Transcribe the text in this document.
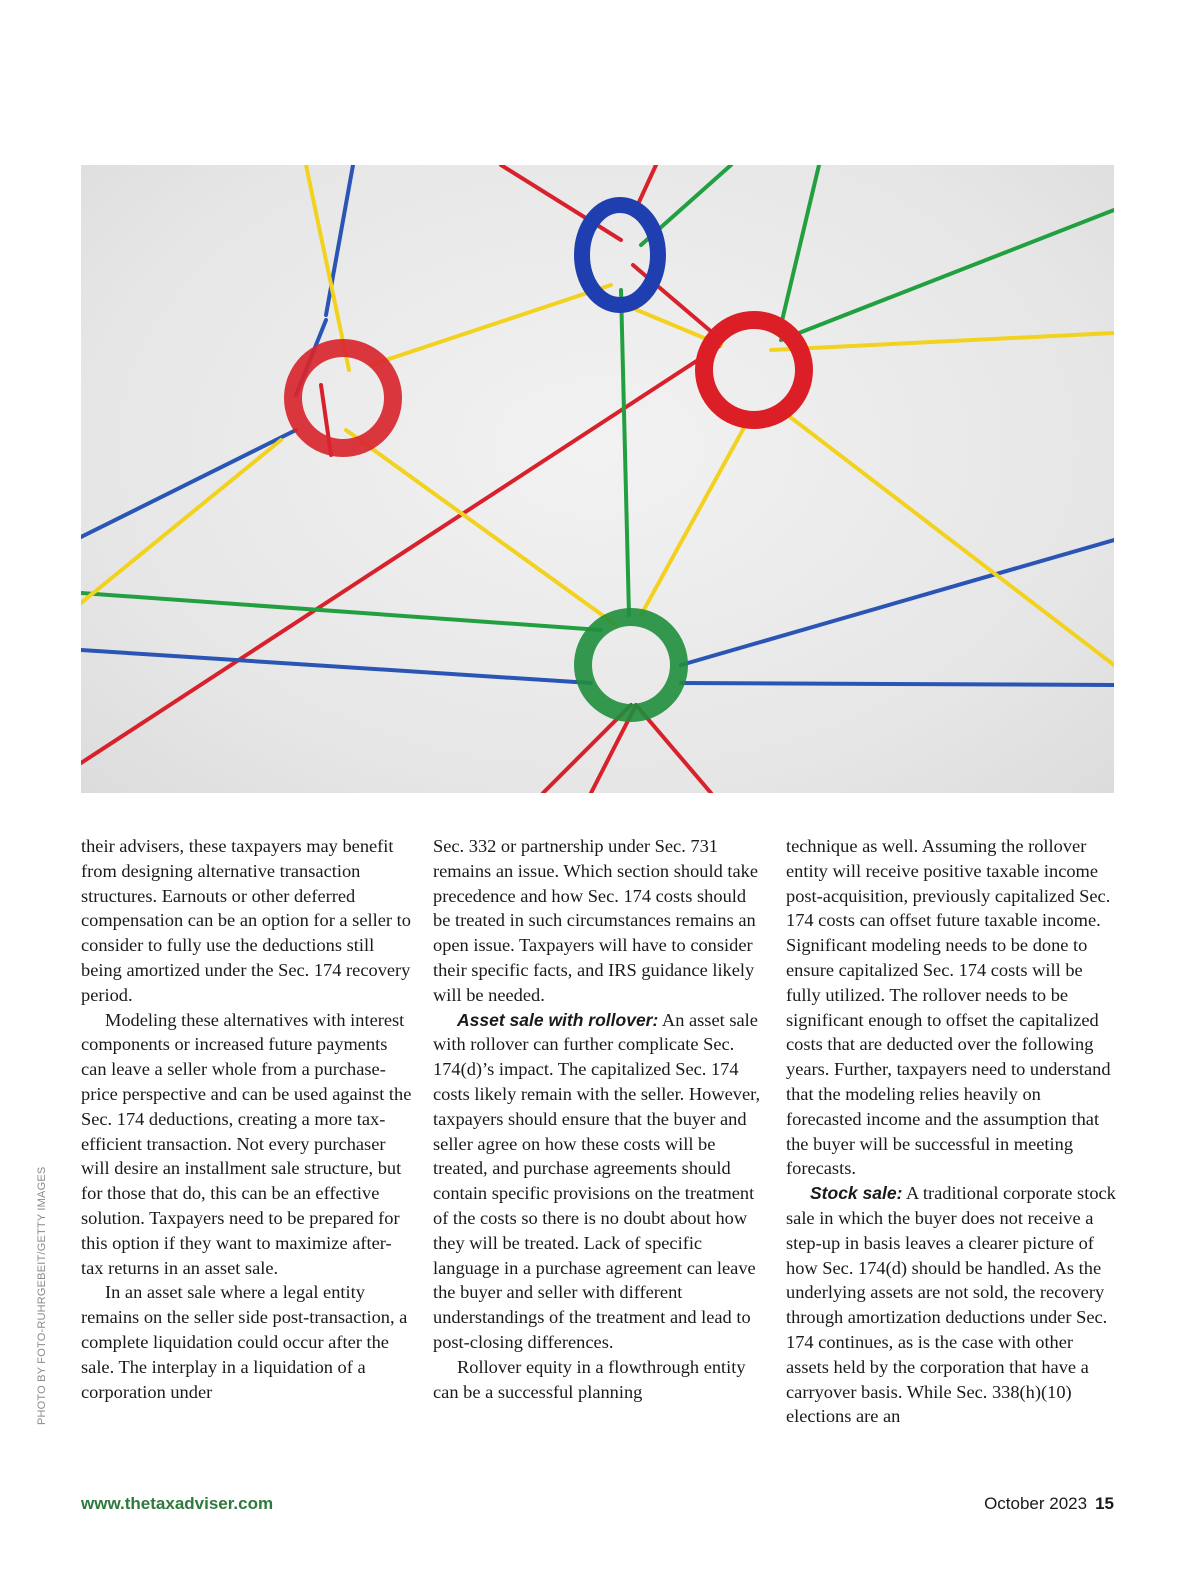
PHOTO BY FOTO-RUHRGEBEIT/GETTY IMAGES

their advisers, these taxpayers may benefit from designing alternative transaction structures. Earnouts or other deferred compensation can be an option for a seller to consider to fully use the deductions still being amortized under the Sec. 174 recovery period.

Modeling these alternatives with interest components or increased future payments can leave a seller whole from a purchase-price perspective and can be used against the Sec. 174 deductions, creating a more tax-efficient transaction. Not every purchaser will desire an installment sale structure, but for those that do, this can be an effective solution. Taxpayers need to be prepared for this option if they want to maximize after-tax returns in an asset sale.

In an asset sale where a legal entity remains on the seller side post-transaction, a complete liquidation could occur after the sale. The interplay in a liquidation of a corporation under

Sec. 332 or partnership under Sec. 731 remains an issue. Which section should take precedence and how Sec. 174 costs should be treated in such circumstances remains an open issue. Taxpayers will have to consider their specific facts, and IRS guidance likely will be needed.

Asset sale with rollover: An asset sale with rollover can further complicate Sec. 174(d)’s impact. The capitalized Sec. 174 costs likely remain with the seller. However, taxpayers should ensure that the buyer and seller agree on how these costs will be treated, and purchase agreements should contain specific provisions on the treatment of the costs so there is no doubt about how they will be treated. Lack of specific language in a purchase agreement can leave the buyer and seller with different understandings of the treatment and lead to post-closing differences.

Rollover equity in a flowthrough entity can be a successful planning

technique as well. Assuming the rollover entity will receive positive taxable income post-acquisition, previously capitalized Sec. 174 costs can offset future taxable income. Significant modeling needs to be done to ensure capitalized Sec. 174 costs will be fully utilized. The rollover needs to be significant enough to offset the capitalized costs that are deducted over the following years. Further, taxpayers need to understand that the modeling relies heavily on forecasted income and the assumption that the buyer will be successful in meeting forecasts.

Stock sale: A traditional corporate stock sale in which the buyer does not receive a step-up in basis leaves a clearer picture of how Sec. 174(d) should be handled. As the underlying assets are not sold, the recovery through amortization deductions under Sec. 174 continues, as is the case with other assets held by the corporation that have a carryover basis. While Sec. 338(h)(10) elections are an

www.thetaxadviser.com	October 2023 15
